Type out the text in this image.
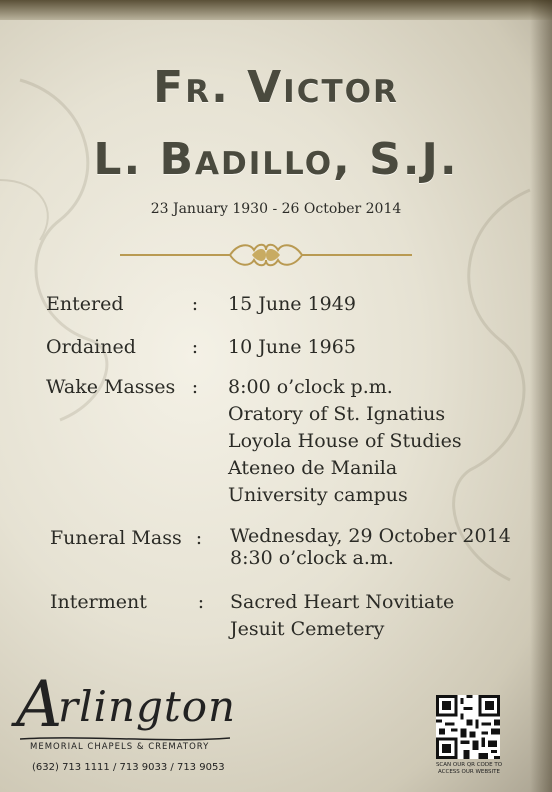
Fr. Victor
L. Badillo, S.J.
23 January 1930 - 26 October 2014
Entered	: 15 June 1949
Ordained	: 10 June 1965
Wake Masses : 8:00 o’clock p.m.
Oratory of St. Ignatius
Loyola House of Studies
Ateneo de Manila
University campus
Funeral Mass : Wednesday, 29 October 2014
8:30 o’clock a.m.
Interment	: Sacred Heart Novitiate
Jesuit Cemetery
A
rlington
MEMORIAL CHAPELS & CREMATORY
(632) 713 1111 / 713 9033 / 713 9053	SCAN OUR QR CODE TO ACCESS OUR WEBSITE
